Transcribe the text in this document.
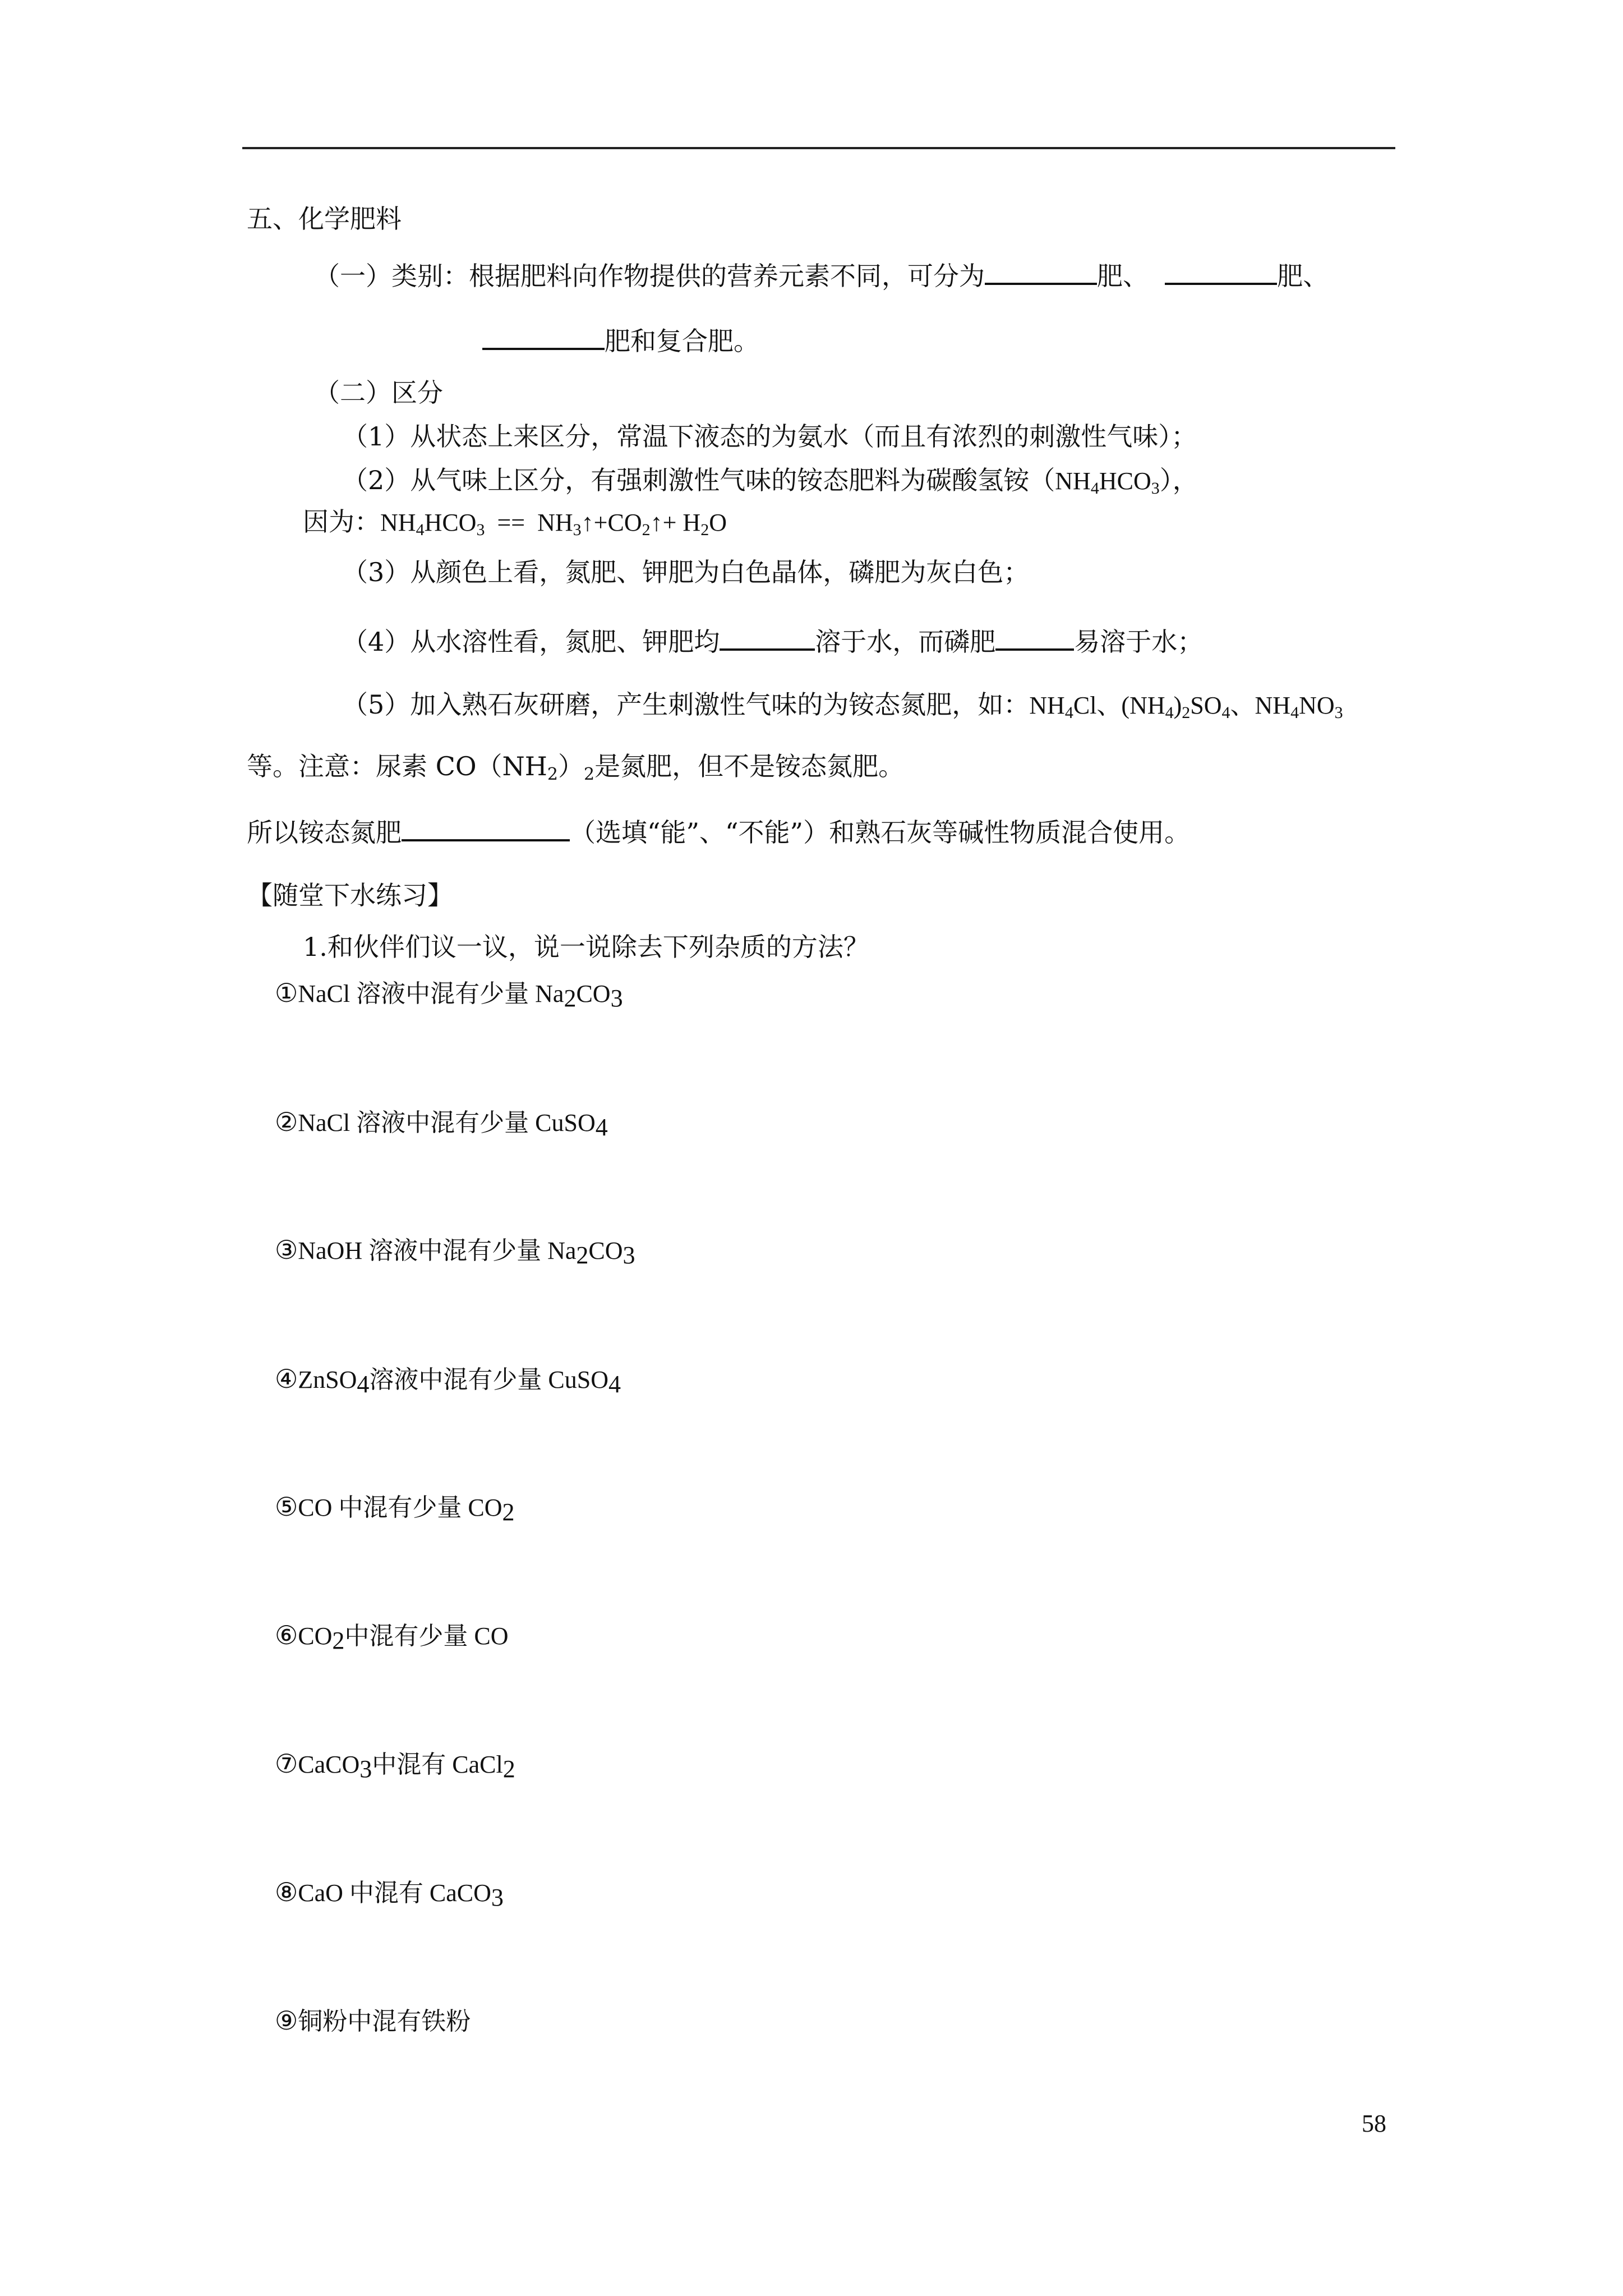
五、化学肥料
（一）类别：根据肥料向作物提供的营养元素不同，可分为	肥、	肥、
肥和复合肥。
（二）区分
（1）从状态上来区分，常温下液态的为氨水（而且有浓烈的刺激性气味）；
（2）从气味上区分，有强刺激性气味的铵态肥料为碳酸氢铵$(NH_4HCO_3)$，
因为：$NH_4HCO_3$  ==  $NH_3↑+CO_2↑+ H_2O$
（3）从颜色上看，氮肥、钾肥为白色晶体，磷肥为灰白色；
（4）从水溶性看，氮肥、钾肥均	溶于水，而磷肥	易溶于水；
（5）加入熟石灰研磨，产生刺激性气味的为铵态氮肥，如：$NH_4Cl$、$(NH_4)_2SO_4$、$NH_4NO_3$
等。注意：尿素 $CO(NH_2)_2$是氮肥，但不是铵态氮肥。
所以铵态氮肥	（选填“能”、“不能”）和熟石灰等碱性物质混合使用。
【随堂下水练习】
1.和伙伴们议一议，说一说除去下列杂质的方法？
①NaCl 溶液中混有少量 $Na_2CO_3$
②NaCl 溶液中混有少量 CuSO$_4$
③NaOH 溶液中混有少量 $Na_2CO_3$
④ZnSO$_4$溶液中混有少量 CuSO$_4$
⑤CO 中混有少量 $CO_2$
$⑥CO_2$中混有少量 CO
⑦CaCO$_3$中混有 CaCl$_2$
⑧CaO 中混有 CaCO$_3$
⑨铜粉中混有铁粉
58
